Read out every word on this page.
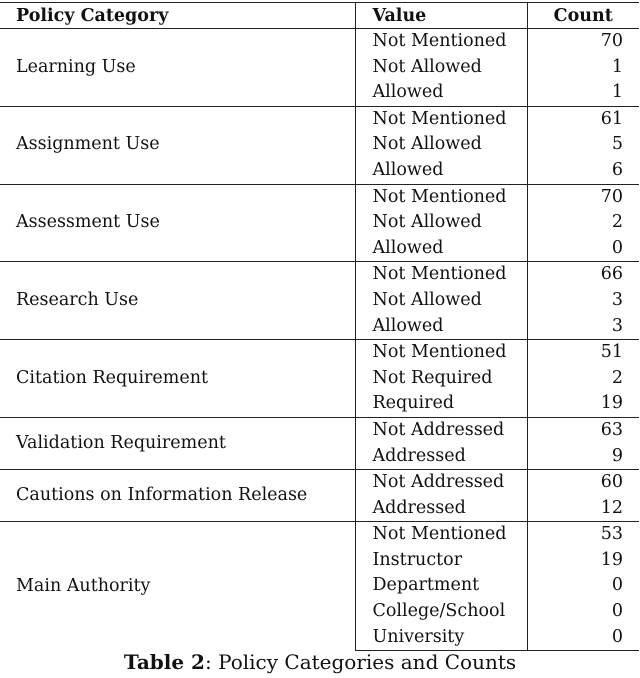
Policy Category	Value	Count
Learning Use	Not Mentioned	70
	Not Allowed	1
	Allowed	1
Assignment Use	Not Mentioned	61
	Not Allowed	5
	Allowed	6
Assessment Use	Not Mentioned	70
	Not Allowed	2
	Allowed	0
Research Use	Not Mentioned	66
	Not Allowed	3
	Allowed	3
Citation Requirement	Not Mentioned	51
	Not Required	2
	Required	19
Validation Requirement	Not Addressed	63
	Addressed	9
Cautions on Information Release	Not Addressed	60
	Addressed	12
Main Authority	Not Mentioned	53
	Instructor	19
	Department	0
	College/School	0
	University	0
Table 2: Policy Categories and Counts
